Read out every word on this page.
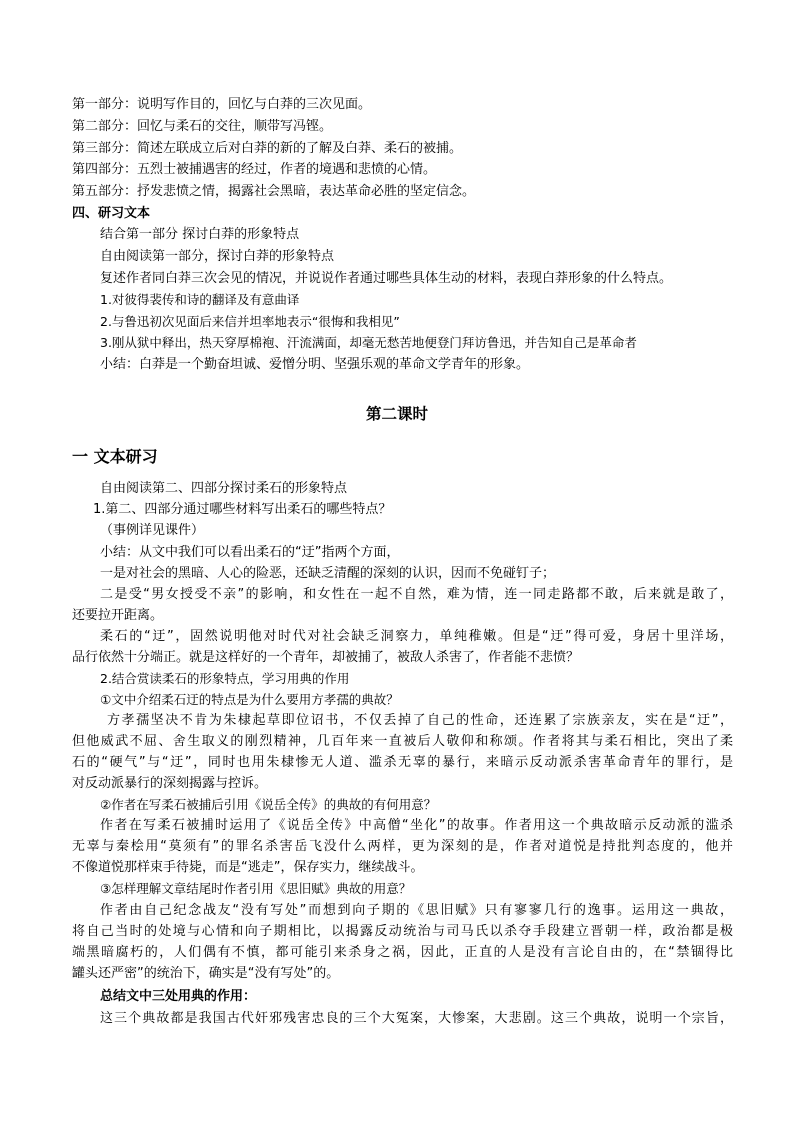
第一部分：说明写作目的，回忆与白莽的三次见面。
第二部分：回忆与柔石的交往，顺带写冯铿。
第三部分：简述左联成立后对白莽的新的了解及白莽、柔石的被捕。
第四部分：五烈士被捕遇害的经过，作者的境遇和悲愤的心情。
第五部分：抒发悲愤之情，揭露社会黑暗，表达革命必胜的坚定信念。
四、研习文本
结合第一部分 探讨白莽的形象特点
自由阅读第一部分，探讨白莽的形象特点
复述作者同白莽三次会见的情况，并说说作者通过哪些具体生动的材料，表现白莽形象的什么特点。
1.对彼得裴传和诗的翻译及有意曲译
2.与鲁迅初次见面后来信并坦率地表示“很悔和我相见”
3.刚从狱中释出，热天穿厚棉袍、汗流满面，却毫无愁苦地便登门拜访鲁迅，并告知自己是革命者
小结：白莽是一个勤奋坦诚、爱憎分明、坚强乐观的革命文学青年的形象。
第二课时
一 文本研习
自由阅读第二、四部分探讨柔石的形象特点
1.第二、四部分通过哪些材料写出柔石的哪些特点？
（事例详见课件）
小结：从文中我们可以看出柔石的“迂”指两个方面，
一是对社会的黑暗、人心的险恶，还缺乏清醒的深刻的认识，因而不免碰钉子；
二是受“男女授受不亲”的影响，和女性在一起不自然，难为情，连一同走路都不敢，后来就是敢了，
还要拉开距离。
柔石的“迂”，固然说明他对时代对社会缺乏洞察力，单纯稚嫩。但是“迂”得可爱，身居十里洋场，
品行依然十分端正。就是这样好的一个青年，却被捕了，被敌人杀害了，作者能不悲愤？
2.结合赏读柔石的形象特点，学习用典的作用
①文中介绍柔石迂的特点是为什么要用方孝孺的典故？
方孝孺坚决不肯为朱棣起草即位诏书，不仅丢掉了自己的性命，还连累了宗族亲友，实在是“迂”，
但他威武不屈、舍生取义的刚烈精神，几百年来一直被后人敬仰和称颂。作者将其与柔石相比，突出了柔
石的“硬气”与“迂”，同时也用朱棣惨无人道、滥杀无辜的暴行，来暗示反动派杀害革命青年的罪行，是
对反动派暴行的深刻揭露与控诉。
②作者在写柔石被捕后引用《说岳全传》的典故的有何用意？
作者在写柔石被捕时运用了《说岳全传》中高僧“坐化”的故事。作者用这一个典故暗示反动派的滥杀
无辜与秦桧用“莫须有”的罪名杀害岳飞没什么两样，更为深刻的是，作者对道悦是持批判态度的，他并
不像道悦那样束手待毙，而是“逃走”，保存实力，继续战斗。
③怎样理解文章结尾时作者引用《思旧赋》典故的用意？
作者由自己纪念战友“没有写处”而想到向子期的《思旧赋》只有寥寥几行的逸事。运用这一典故，
将自己当时的处境与心情和向子期相比，以揭露反动统治与司马氏以杀夺手段建立晋朝一样，政治都是极
端黑暗腐朽的，人们偶有不慎，都可能引来杀身之祸，因此，正直的人是没有言论自由的，在“禁锢得比
罐头还严密”的统治下，确实是“没有写处”的。
总结文中三处用典的作用：
这三个典故都是我国古代奸邪残害忠良的三个大冤案，大惨案，大悲剧。这三个典故，说明一个宗旨，
